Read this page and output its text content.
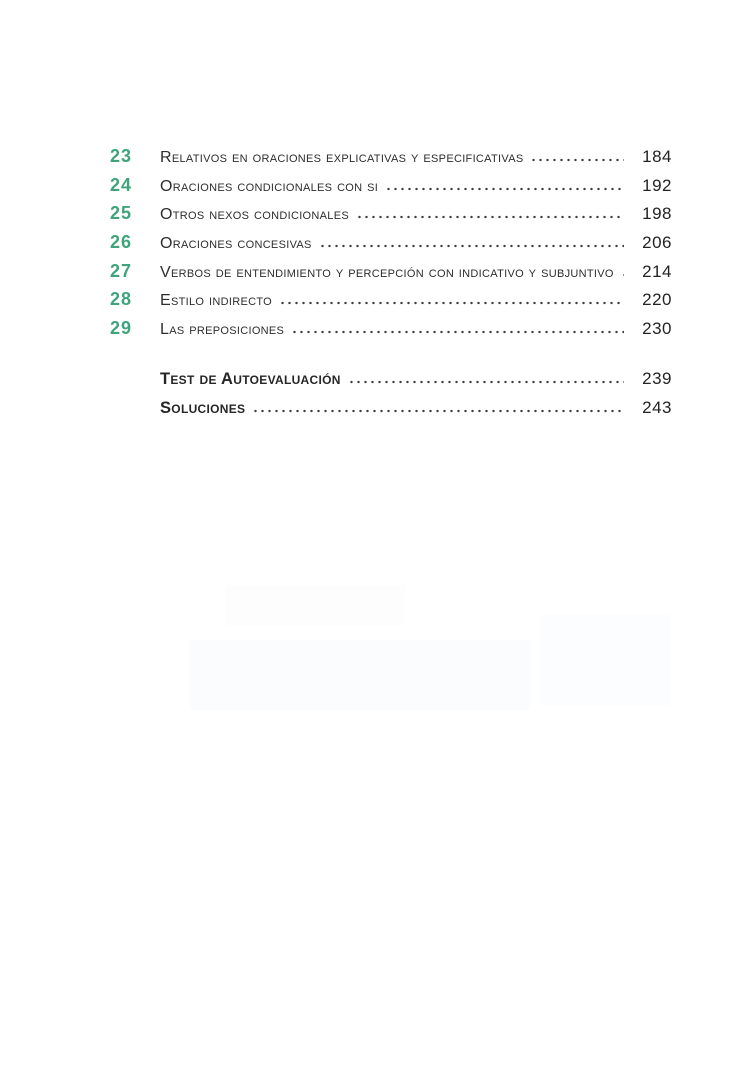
23	Relativos en oraciones explicativas y especificativas	184
24	Oraciones condicionales con si	192
25	Otros nexos condicionales	198
26	Oraciones concesivas	206
27	Verbos de entendimiento y percepción con indicativo y subjuntivo	214
28	Estilo indirecto	220
29	Las preposiciones	230
Test de Autoevaluación	239
Soluciones	243
